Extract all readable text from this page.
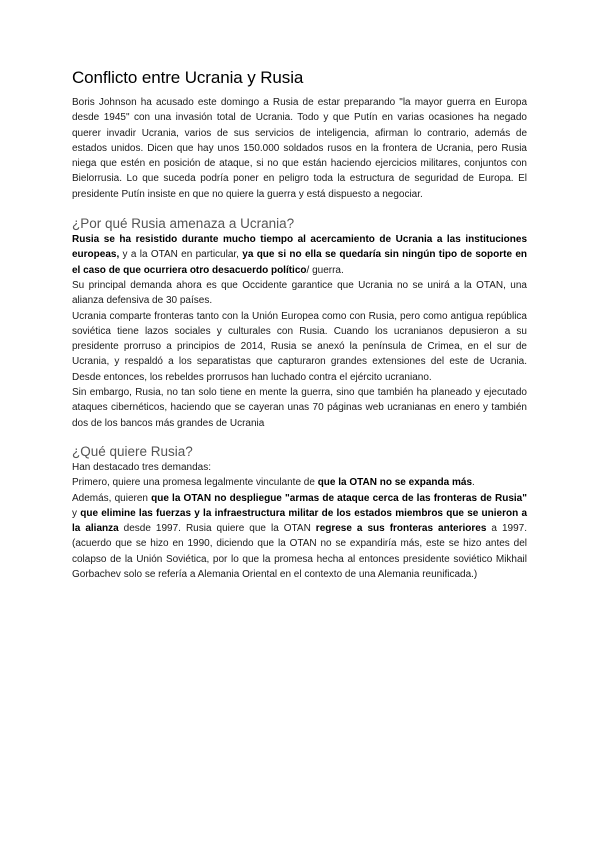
Conflicto entre Ucrania y Rusia

Boris Johnson ha acusado este domingo a Rusia de estar preparando "la mayor guerra en Europa desde 1945" con una invasión total de Ucrania. Todo y que Putín en varias ocasiones ha negado querer invadir Ucrania, varios de sus servicios de inteligencia, afirman lo contrario, además de estados unidos. Dicen que hay unos 150.000 soldados rusos en la frontera de Ucrania, pero Rusia niega que estén en posición de ataque, si no que están haciendo ejercicios militares, conjuntos con Bielorrusia. Lo que suceda podría poner en peligro toda la estructura de seguridad de Europa. El presidente Putín insiste en que no quiere la guerra y está dispuesto a negociar.

¿Por qué Rusia amenaza a Ucrania?

Rusia se ha resistido durante mucho tiempo al acercamiento de Ucrania a las instituciones europeas, y a la OTAN en particular, ya que si no ella se quedaría sin ningún tipo de soporte en el caso de que ocurriera otro desacuerdo político/ guerra.

Su principal demanda ahora es que Occidente garantice que Ucrania no se unirá a la OTAN, una alianza defensiva de 30 países.

Ucrania comparte fronteras tanto con la Unión Europea como con Rusia, pero como antigua república soviética tiene lazos sociales y culturales con Rusia. Cuando los ucranianos depusieron a su presidente prorruso a principios de 2014, Rusia se anexó la península de Crimea, en el sur de Ucrania, y respaldó a los separatistas que capturaron grandes extensiones del este de Ucrania. Desde entonces, los rebeldes prorrusos han luchado contra el ejército ucraniano.

Sin embargo, Rusia, no tan solo tiene en mente la guerra, sino que también ha planeado y ejecutado ataques cibernéticos, haciendo que se cayeran unas 70 páginas web ucranianas en enero y también dos de los bancos más grandes de Ucrania

¿Qué quiere Rusia?

Han destacado tres demandas:

Primero, quiere una promesa legalmente vinculante de que la OTAN no se expanda más.

Además, quieren que la OTAN no despliegue "armas de ataque cerca de las fronteras de Rusia" y que elimine las fuerzas y la infraestructura militar de los estados miembros que se unieron a la alianza desde 1997. Rusia quiere que la OTAN regrese a sus fronteras anteriores a 1997. (acuerdo que se hizo en 1990, diciendo que la OTAN no se expandiría más, este se hizo antes del colapso de la Unión Soviética, por lo que la promesa hecha al entonces presidente soviético Mikhail Gorbachev solo se refería a Alemania Oriental en el contexto de una Alemania reunificada.)
